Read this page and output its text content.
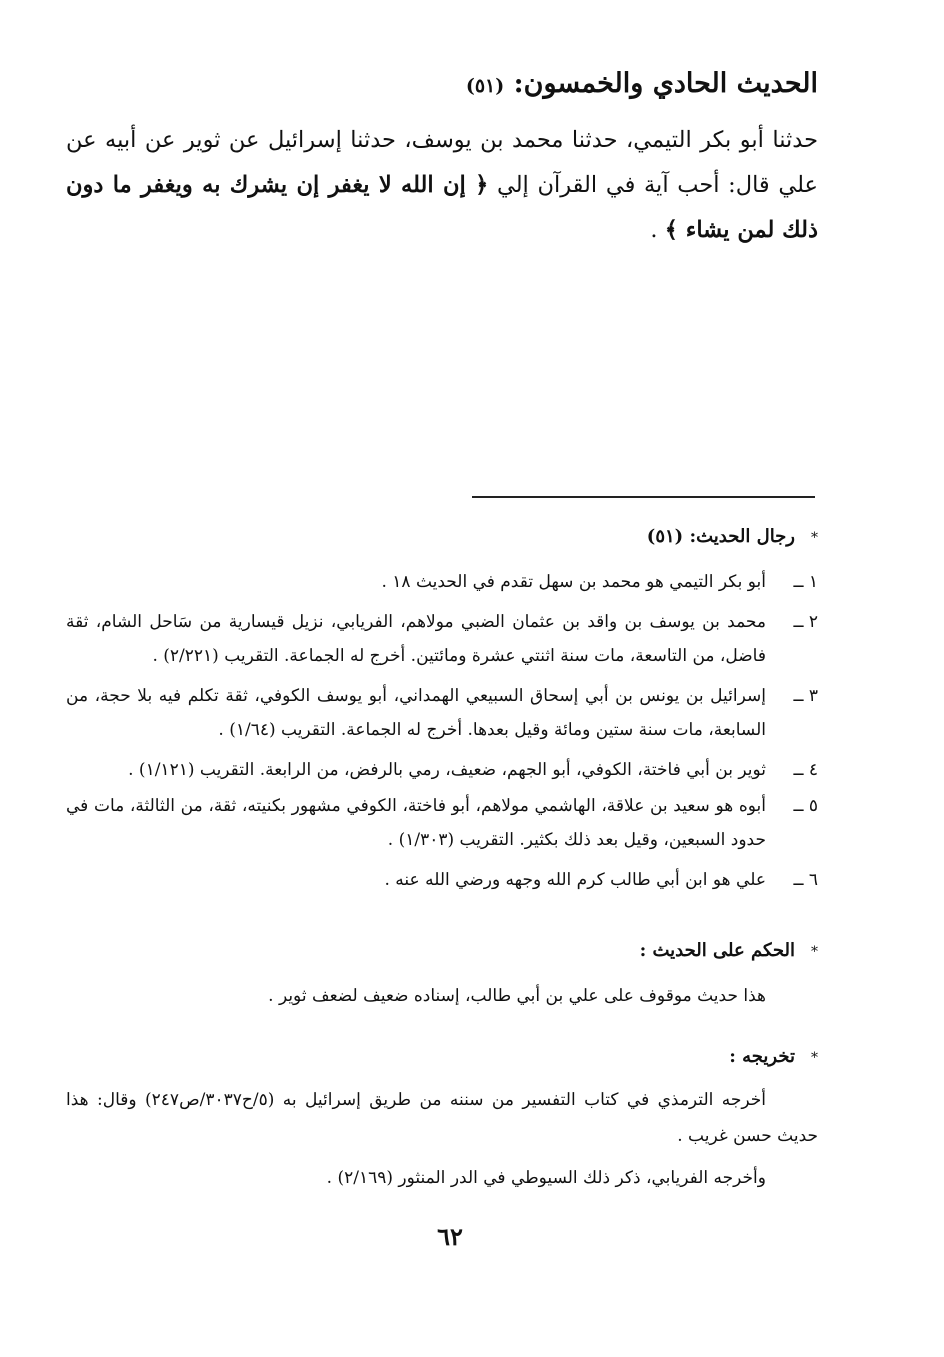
الحديث الحادي والخمسون: (٥١)

حدثنا أبو بكر التيمي، حدثنا محمد بن يوسف، حدثنا إسرائيل عن ثوير عن أبيه عن علي قال: أحب آية في القرآن إلي ﴿ إن الله لا يغفر إن يشرك به ويغفر ما دون ذلك لمن يشاء ﴾ .

*رجال الحديث: (٥١)
١ ــ
أبو بكر التيمي هو محمد بن سهل تقدم في الحديث ١٨ .
٢ ــ
محمد بن يوسف بن واقد بن عثمان الضبي مولاهم، الفريابي، نزيل قيسارية من سَاحل الشام، ثقة فاضل، من التاسعة، مات سنة اثنتي عشرة ومائتين. أخرج له الجماعة. التقريب (٢/٢٢١) .
٣ ــ
إسرائيل بن يونس بن أبي إسحاق السبيعي الهمداني، أبو يوسف الكوفي، ثقة تكلم فيه بلا حجة، من السابعة، مات سنة ستين ومائة وقيل بعدها. أخرج له الجماعة. التقريب (١/٦٤) .
٤ ــ
ثوير بن أبي فاختة، الكوفي، أبو الجهم، ضعيف، رمي بالرفض، من الرابعة. التقريب (١/١٢١) .
٥ ــ
أبوه هو سعيد بن علاقة، الهاشمي مولاهم، أبو فاختة، الكوفي مشهور بكنيته، ثقة، من الثالثة، مات في حدود السبعين، وقيل بعد ذلك بكثير. التقريب (١/٣٠٣) .
٦ ــ
علي هو ابن أبي طالب كرم الله وجهه ورضي الله عنه .
*الحكم على الحديث :

هذا حديث موقوف على علي بن أبي طالب، إسناده ضعيف لضعف ثوير .

*تخريجه :

أخرجه الترمذي في كتاب التفسير من سننه من طريق إسرائيل به (٥/ح٣٠٣٧/ص٢٤٧) وقال: هذا حديث حسن غريب .

وأخرجه الفريابي، ذكر ذلك السيوطي في الدر المنثور (٢/١٦٩) .

٦٢
